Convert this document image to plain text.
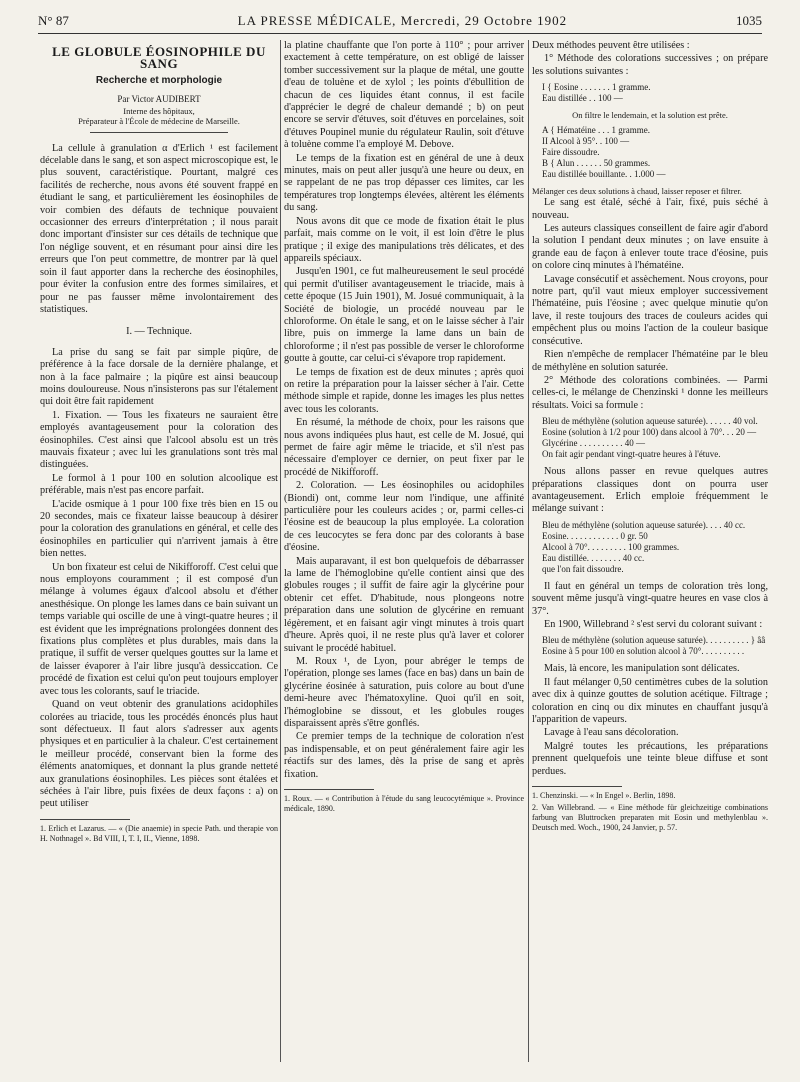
N° 87	LA PRESSE MÉDICALE, Mercredi, 29 Octobre 1902	1035

LE GLOBULE ÉOSINOPHILE DU SANG

Recherche et morphologie

Par Victor AUDIBERT

Interne des hôpitaux,

Préparateur à l'École de médecine de Marseille.

La cellule à granulation α d'Erlich ¹ est facilement décelable dans le sang, et son aspect microscopique est, le plus souvent, caractéristique. Pourtant, malgré ces facilités de recherche, nous avons été souvent frappé en étudiant le sang, et particulièrement les éosinophiles de voir combien des défauts de technique pouvaient occasionner des erreurs d'interprétation ; il nous parait donc important d'insister sur ces détails de technique que l'on néglige souvent, et en résumant pour ainsi dire les erreurs que l'on peut commettre, de montrer par là quel soin il faut apporter dans la recherche des éosinophiles, pour éviter la confusion entre des formes similaires, et pour ne pas fausser même involontairement des statistiques.

I. — Technique.

La prise du sang se fait par simple piqûre, de préférence à la face dorsale de la dernière phalange, et non à la face palmaire ; la piqûre est ainsi beaucoup moins douloureuse. Nous n'insisterons pas sur l'étalement qui doit être fait rapidement

1. Fixation. — Tous les fixateurs ne sauraient être employés avantageusement pour la coloration des éosinophiles. C'est ainsi que l'alcool absolu est un très mauvais fixateur ; avec lui les granulations sont très mal distinguées.

Le formol à 1 pour 100 en solution alcoolique est préférable, mais n'est pas encore parfait.

L'acide osmique à 1 pour 100 fixe très bien en 15 ou 20 secondes, mais ce fixateur laisse beaucoup à désirer pour la coloration des granulations en général, et celle des éosinophiles en particulier qui n'arrivent jamais à être bien nettes.

Un bon fixateur est celui de Nikifforoff. C'est celui que nous employons couramment ; il est composé d'un mélange à volumes égaux d'alcool absolu et d'éther anesthésique. On plonge les lames dans ce bain suivant un temps variable qui oscille de une à vingt-quatre heures ; il est évident que les imprégnations prolongées donnent des fixations plus complètes et plus durables, mais dans la pratique, il suffit de verser quelques gouttes sur la lame et de laisser évaporer à l'air libre jusqu'à dessiccation. Ce procédé de fixation est celui qu'on peut toujours employer avec tous les colorants, sauf le triacide.

Quand on veut obtenir des granulations acidophiles colorées au triacide, tous les procédés énoncés plus haut sont défectueux. Il faut alors s'adresser aux agents physiques et en particulier à la chaleur. C'est certainement le meilleur procédé, conservant bien la forme des éléments anatomiques, et donnant la plus grande netteté aux granulations éosinophiles. Les pièces sont étalées et séchées à l'air libre, puis fixées de deux façons : a) on peut utiliser

1. Erlich et Lazarus. — « (Die anaemie) in specie Path. und therapie von H. Nothnagel ». Bd VIII, I, T. I, II., Vienne, 1898.

la platine chauffante que l'on porte à 110° ; pour arriver exactement à cette température, on est obligé de laisser tomber successivement sur la plaque de métal, une goutte d'eau de toluène et de xylol ; les points d'ébullition de chacun de ces liquides étant connus, il est facile d'apprécier le degré de chaleur demandé ; b) on peut encore se servir d'étuves, soit d'étuves en porcelaines, soit d'étuves Poupinel munie du régulateur Raulin, soit d'étuve à toluène comme l'a employé M. Debove.

Le temps de la fixation est en général de une à deux minutes, mais on peut aller jusqu'à une heure ou deux, en se rappelant de ne pas trop dépasser ces limites, car les températures trop longtemps élevées, altèrent les éléments du sang.

Nous avons dit que ce mode de fixation était le plus parfait, mais comme on le voit, il est loin d'être le plus pratique ; il exige des manipulations très délicates, et des appareils spéciaux.

Jusqu'en 1901, ce fut malheureusement le seul procédé qui permit d'utiliser avantageusement le triacide, mais à cette époque (15 Juin 1901), M. Josué communiquait, à la Société de biologie, un procédé nouveau par le chloroforme. On étale le sang, et on le laisse sécher à l'air libre, puis on immerge la lame dans un bain de chloroforme ; il n'est pas possible de verser le chloroforme goutte à goutte, car celui-ci s'évapore trop rapidement.

Le temps de fixation est de deux minutes ; après quoi on retire la préparation pour la laisser sécher à l'air. Cette méthode simple et rapide, donne les images les plus nettes avec tous les colorants.

En résumé, la méthode de choix, pour les raisons que nous avons indiquées plus haut, est celle de M. Josué, qui permet de faire agir même le triacide, et s'il n'est pas nécessaire d'employer ce dernier, on peut fixer par le procédé de Nikifforoff.

2. Coloration. — Les éosinophiles ou acidophiles (Biondi) ont, comme leur nom l'indique, une affinité particulière pour les couleurs acides ; or, parmi celles-ci l'éosine est de beaucoup la plus employée. La coloration de ces leucocytes se fera donc par des colorants à base d'éosine.

Mais auparavant, il est bon quelquefois de débarrasser la lame de l'hémoglobine qu'elle contient ainsi que des globules rouges ; il suffit de faire agir la glycérine pour obtenir cet effet. D'habitude, nous plongeons notre préparation dans une solution de glycérine en remuant légèrement, et en faisant agir vingt minutes à trois quart d'heure. Après quoi, il ne reste plus qu'à laver et colorer suivant le procédé habituel.

M. Roux ¹, de Lyon, pour abréger le temps de l'opération, plonge ses lames (face en bas) dans un bain de glycérine éosinée à saturation, puis colore au bout d'une demi-heure avec l'hématoxyline. Quoi qu'il en soit, l'hémoglobine se dissout, et les globules rouges disparaissent après s'être gonflés.

Ce premier temps de la technique de coloration n'est pas indispensable, et on peut généralement faire agir les réactifs sur des lames, dès la prise de sang et après fixation.

1. Roux. — « Contribution à l'étude du sang leucocytémique ». Province médicale, 1890.

Deux méthodes peuvent être utilisées :

1° Méthode des colorations successives ; on prépare les solutions suivantes :

I { Eosine . . . . . . . 1 gramme.
Eau distillée . . 100 —

On filtre le lendemain, et la solution est prête.

A { Hématéine . . . 1 gramme.
II Alcool à 95°. . 100 —
Faire dissoudre.
B { Alun . . . . . . 50 grammes.
Eau distillée bouillante. . 1.000 —

Mélanger ces deux solutions à chaud, laisser reposer et filtrer.

Le sang est étalé, séché à l'air, fixé, puis séché à nouveau.

Les auteurs classiques conseillent de faire agir d'abord la solution I pendant deux minutes ; on lave ensuite à grande eau de façon à enlever toute trace d'éosine, puis on colore cinq minutes à l'hématéine.

Lavage consécutif et assèchement. Nous croyons, pour notre part, qu'il vaut mieux employer successivement l'hématéine, puis l'éosine ; avec quelque minutie qu'on lave, il reste toujours des traces de couleurs acides qui empêchent plus ou moins l'action de la couleur basique consécutive.

Rien n'empêche de remplacer l'hématéine par le bleu de méthylène en solution saturée.

2° Méthode des colorations combinées. — Parmi celles-ci, le mélange de Chenzinski ¹ donne les meilleurs résultats. Voici sa formule :

Bleu de méthylène (solution aqueuse saturée). . . . . . 40 vol.
Eosine (solution à 1/2 pour 100) dans alcool à 70°. . . 20 —
Glycérine . . . . . . . . . . 40 —
On fait agir pendant vingt-quatre heures à l'étuve.

Nous allons passer en revue quelques autres préparations classiques dont on pourra user avantageusement. Erlich emploie fréquemment le mélange suivant :

Bleu de méthylène (solution aqueuse saturée). . . . 40 cc.
Eosine. . . . . . . . . . . . 0 gr. 50
Alcool à 70°. . . . . . . . . 100 grammes.
Eau distillée. . . . . . . . 40 cc.
que l'on fait dissoudre.

Il faut en général un temps de coloration très long, souvent même jusqu'à vingt-quatre heures en vase clos à 37°.

En 1900, Willebrand ² s'est servi du colorant suivant :

Bleu de méthylène (solution aqueuse saturée). . . . . . . . . . } ââ
Eosine à 5 pour 100 en solution alcool à 70°. . . . . . . . . .

Mais, là encore, les manipulation sont délicates.

Il faut mélanger 0,50 centimètres cubes de la solution avec dix à quinze gouttes de solution acétique. Filtrage ; coloration en cinq ou dix minutes en chauffant jusqu'à l'apparition de vapeurs.

Lavage à l'eau sans décoloration.

Malgré toutes les précautions, les préparations prennent quelquefois une teinte bleue diffuse et sont perdues.

1. Chenzinski. — « In Engel ». Berlin, 1898.

2. Van Willebrand. — « Eine méthode für gleichzeitige combinations farbung van Bluttrocken preparaten mit Eosin und methylenblau ». Deutsch med. Woch., 1900, 24 Janvier, p. 57.
